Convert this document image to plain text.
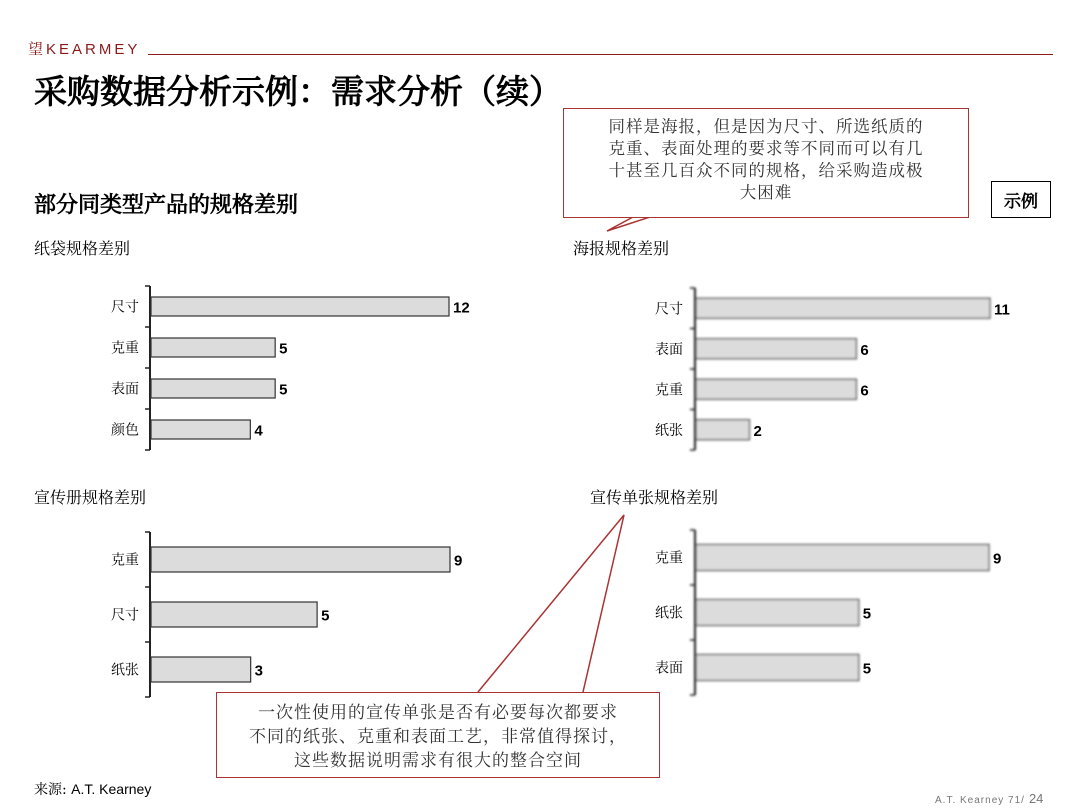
望KEARMEY
采购数据分析示例：需求分析（续）
部分同类型产品的规格差别	示例
纸袋规格差别	海报规格差别
宣传册规格差别	宣传单张规格差别
尺寸	12
克重	5
表面	5
颜色	4
尺寸	11
表面	6
克重	6
纸张	2
克重	9
尺寸	5
纸张	3
克重	9
纸张	5
表面	5
同样是海报，但是因为尺寸、所选纸质的
克重、表面处理的要求等不同而可以有几
十甚至几百众不同的规格，给采购造成极
大困难
一次性使用的宣传单张是否有必要每次都要求
不同的纸张、克重和表面工艺，非常值得探讨，
这些数据说明需求有很大的整合空间
来源: A.T. Kearney
A.T. Kearney 71/ 24
